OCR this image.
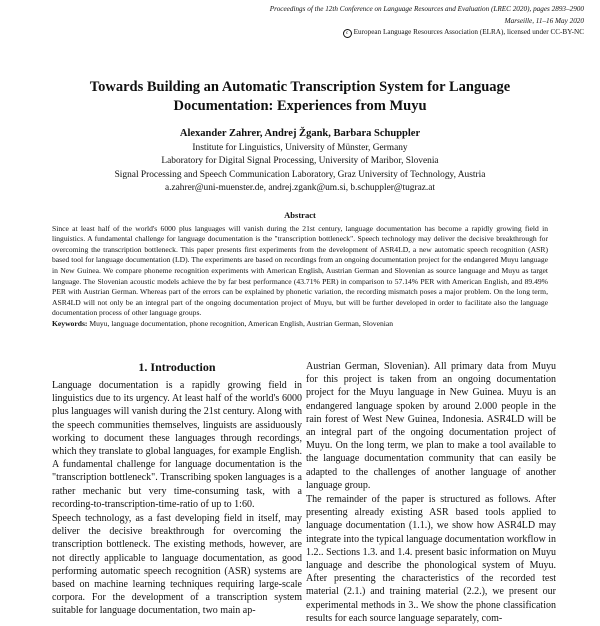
Proceedings of the 12th Conference on Language Resources and Evaluation (LREC 2020), pages 2893–2900
Marseille, 11–16 May 2020
c European Language Resources Association (ELRA), licensed under CC-BY-NC
Towards Building an Automatic Transcription System for Language
Documentation: Experiences from Muyu
Alexander Zahrer, Andrej Žgank, Barbara Schuppler
Institute for Linguistics, University of Münster, Germany
Laboratory for Digital Signal Processing, University of Maribor, Slovenia
Signal Processing and Speech Communication Laboratory, Graz University of Technology, Austria
a.zahrer@uni-muenster.de, andrej.zgank@um.si, b.schuppler@tugraz.at
Abstract
Since at least half of the world's 6000 plus languages will vanish during the 21st century, language documentation has become a rapidly growing field in linguistics. A fundamental challenge for language documentation is the "transcription bottleneck". Speech technology may deliver the decisive breakthrough for overcoming the transcription bottleneck. This paper presents first experiments from the development of ASR4LD, a new automatic speech recognition (ASR) based tool for language documentation (LD). The experiments are based on recordings from an ongoing documentation project for the endangered Muyu language in New Guinea. We compare phoneme recognition experiments with American English, Austrian German and Slovenian as source language and Muyu as target language. The Slovenian acoustic models achieve the by far best performance (43.71% PER) in comparison to 57.14% PER with American English, and 89.49% PER with Austrian German. Whereas part of the errors can be explained by phonetic variation, the recording mismatch poses a major problem. On the long term, ASR4LD will not only be an integral part of the ongoing documentation project of Muyu, but will be further developed in order to facilitate also the language documentation process of other language groups.
Keywords: Muyu, language documentation, phone recognition, American English, Austrian German, Slovenian
1. Introduction

Language documentation is a rapidly growing field in linguistics due to its urgency. At least half of the world's 6000 plus languages will vanish during the 21st century. Along with the speech communities themselves, linguists are assiduously working to document these languages through recordings, which they translate to global languages, for example English. A fundamental challenge for language documentation is the "transcription bottleneck". Transcribing spoken languages is a rather mechanic but very time-consuming task, with a recording-to-transcription-time-ratio of up to 1:60.

Speech technology, as a fast developing field in itself, may deliver the decisive breakthrough for overcoming the transcription bottleneck. The existing methods, however, are not directly applicable to language documentation, as good performing automatic speech recognition (ASR) systems are based on machine learning techniques requiring large-scale corpora. For the development of a transcription system suitable for language documentation, two main ap-

Austrian German, Slovenian). All primary data from Muyu for this project is taken from an ongoing documentation project for the Muyu language in New Guinea. Muyu is an endangered language spoken by around 2.000 people in the rain forest of West New Guinea, Indonesia. ASR4LD will be an integral part of the ongoing documentation project of Muyu. On the long term, we plan to make a tool available to the language documentation community that can easily be adapted to the challenges of another language of another language group.

The remainder of the paper is structured as follows. After presenting already existing ASR based tools applied to language documentation (1.1.), we show how ASR4LD may integrate into the typical language documentation workflow in 1.2.. Sections 1.3. and 1.4. present basic information on Muyu language and describe the phonological system of Muyu. After presenting the characteristics of the recorded test material (2.1.) and training material (2.2.), we present our experimental methods in 3.. We show the phone classification results for each source language separately, com-
